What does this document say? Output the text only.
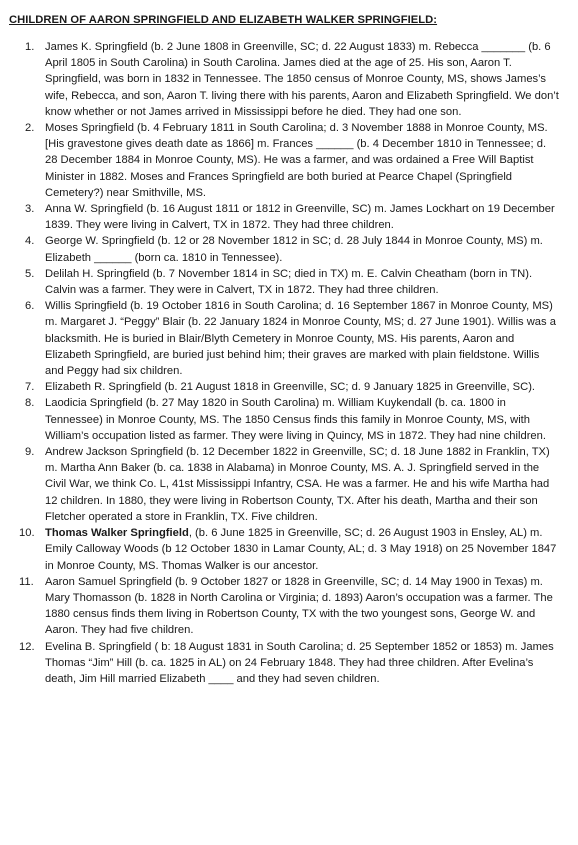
CHILDREN OF AARON SPRINGFIELD AND ELIZABETH WALKER SPRINGFIELD:
1. James K. Springfield (b. 2 June 1808 in Greenville, SC; d. 22 August 1833) m. Rebecca _______ (b. 6 April 1805 in South Carolina) in South Carolina. James died at the age of 25. His son, Aaron T. Springfield, was born in 1832 in Tennessee. The 1850 census of Monroe County, MS, shows James’s wife, Rebecca, and son, Aaron T. living there with his parents, Aaron and Elizabeth Springfield. We don’t know whether or not James arrived in Mississippi before he died. They had one son.
2. Moses Springfield (b. 4 February 1811 in South Carolina; d. 3 November 1888 in Monroe County, MS. [His gravestone gives death date as 1866] m. Frances ______ (b. 4 December 1810 in Tennessee; d. 28 December 1884 in Monroe County, MS). He was a farmer, and was ordained a Free Will Baptist Minister in 1882. Moses and Frances Springfield are both buried at Pearce Chapel (Springfield Cemetery?) near Smithville, MS.
3. Anna W. Springfield (b. 16 August 1811 or 1812 in Greenville, SC) m. James Lockhart on 19 December 1839. They were living in Calvert, TX in 1872. They had three children.
4. George W. Springfield (b. 12 or 28 November 1812 in SC; d. 28 July 1844 in Monroe County, MS) m. Elizabeth ______ (born ca. 1810 in Tennessee).
5. Delilah H. Springfield (b. 7 November 1814 in SC; died in TX) m. E. Calvin Cheatham (born in TN). Calvin was a farmer. They were in Calvert, TX in 1872. They had three children.
6. Willis Springfield (b. 19 October 1816 in South Carolina; d. 16 September 1867 in Monroe County, MS) m. Margaret J. “Peggy” Blair (b. 22 January 1824 in Monroe County, MS; d. 27 June 1901). Willis was a blacksmith. He is buried in Blair/Blyth Cemetery in Monroe County, MS. His parents, Aaron and Elizabeth Springfield, are buried just behind him; their graves are marked with plain fieldstone. Willis and Peggy had six children.
7. Elizabeth R. Springfield (b. 21 August 1818 in Greenville, SC; d. 9 January 1825 in Greenville, SC).
8. Laodicia Springfield (b. 27 May 1820 in South Carolina) m. William Kuykendall (b. ca. 1800 in Tennessee) in Monroe County, MS. The 1850 Census finds this family in Monroe County, MS, with William’s occupation listed as farmer. They were living in Quincy, MS in 1872. They had nine children.
9. Andrew Jackson Springfield (b. 12 December 1822 in Greenville, SC; d. 18 June 1882 in Franklin, TX) m. Martha Ann Baker (b. ca. 1838 in Alabama) in Monroe County, MS. A. J. Springfield served in the Civil War, we think Co. L, 41st Mississippi Infantry, CSA. He was a farmer. He and his wife Martha had 12 children. In 1880, they were living in Robertson County, TX. After his death, Martha and their son Fletcher operated a store in Franklin, TX. Five children.
10. Thomas Walker Springfield, (b. 6 June 1825 in Greenville, SC; d. 26 August 1903 in Ensley, AL) m. Emily Calloway Woods (b 12 October 1830 in Lamar County, AL; d. 3 May 1918) on 25 November 1847 in Monroe County, MS. Thomas Walker is our ancestor.
11. Aaron Samuel Springfield (b. 9 October 1827 or 1828 in Greenville, SC; d. 14 May 1900 in Texas) m. Mary Thomasson (b. 1828 in North Carolina or Virginia; d. 1893) Aaron’s occupation was a farmer. The 1880 census finds them living in Robertson County, TX with the two youngest sons, George W. and Aaron. They had five children.
12. Evelina B. Springfield ( b: 18 August 1831 in South Carolina; d. 25 September 1852 or 1853) m. James Thomas “Jim” Hill (b. ca. 1825 in AL) on 24 February 1848. They had three children. After Evelina’s death, Jim Hill married Elizabeth ____ and they had seven children.
